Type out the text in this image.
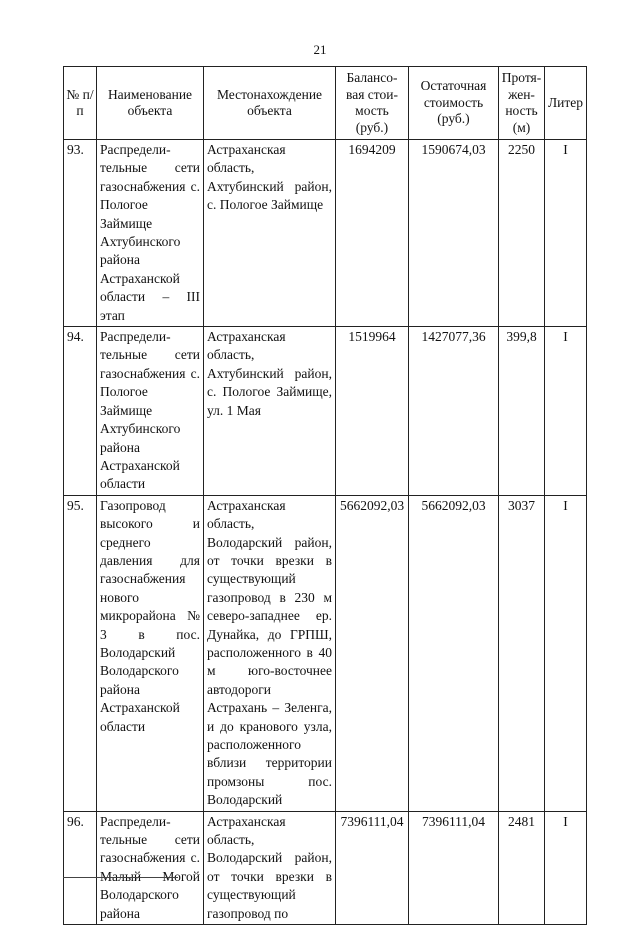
21
№ п/п	Наименование объекта	Местонахождение объекта	Балансо-вая стои-мость (руб.)	Остаточная стоимость (руб.)	Протя-жен-ность (м)	Литер
93.	Распредели-тельные сети газоснабжения с. Пологое Займище Ахтубинского района Астраханской области – III этап	Астраханская область, Ахтубинский район, с. Пологое Займище	1694209	1590674,03	2250	I
94.	Распредели-тельные сети газоснабжения с. Пологое Займище Ахтубинского района Астраханской области	Астраханская область, Ахтубинский район, с. Пологое Займище, ул. 1 Мая	1519964	1427077,36	399,8	I
95.	Газопровод высокого и среднего давления для газоснабжения нового микрорайона № 3 в пос. Володарский Володарского района Астраханской области	Астраханская область, Володарский район, от точки врезки в существующий газопровод в 230 м северо-западнее ер. Дунайка, до ГРПШ, расположенного в 40 м юго-восточнее автодороги Астрахань – Зеленга, и до кранового узла, расположенного вблизи территории промзоны пос. Володарский	5662092,03	5662092,03	3037	I
96.	Распредели-тельные сети газоснабжения с. Малый Могой Володарского района	Астраханская область, Володарский район, от точки врезки в существующий газопровод по	7396111,04	7396111,04	2481	I
